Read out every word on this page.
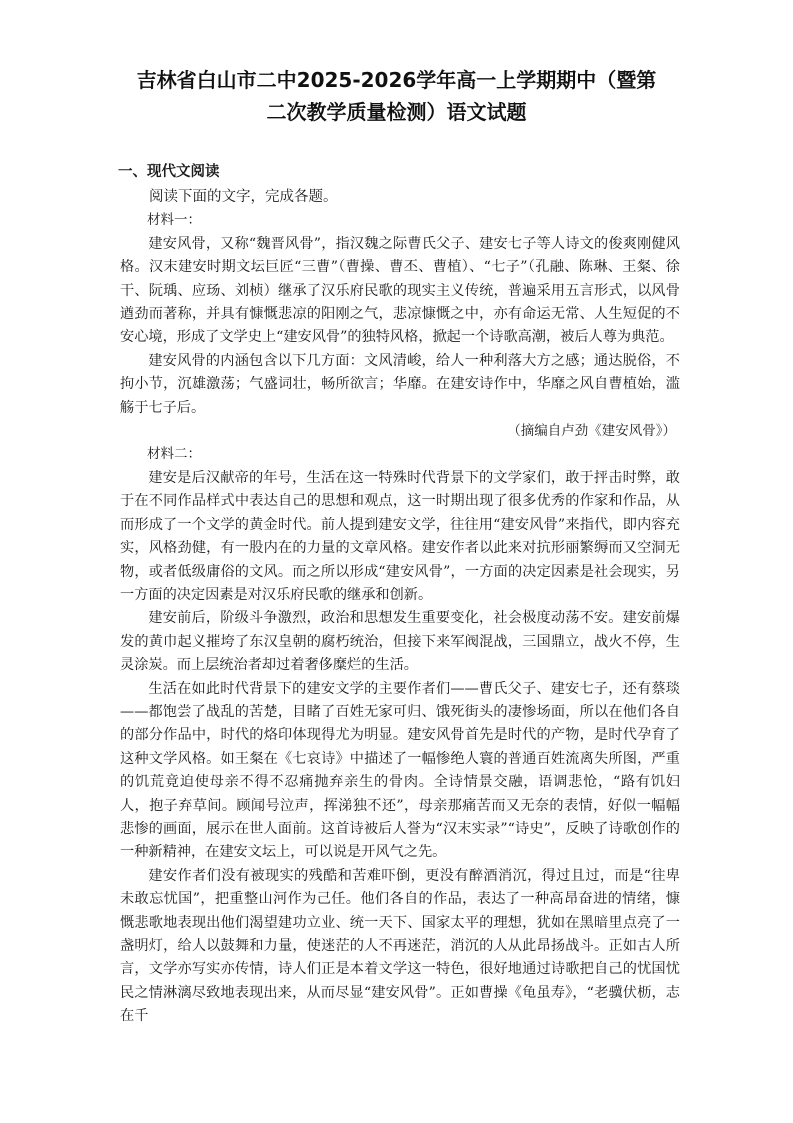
吉林省白山市二中2025-2026学年高一上学期期中（暨第
二次教学质量检测）语文试题
一、现代文阅读

阅读下面的文字，完成各题。

材料一：

建安风骨，又称“魏晋风骨”，指汉魏之际曹氏父子、建安七子等人诗文的俊爽刚健风格。汉末建安时期文坛巨匠“三曹”（曹操、曹丕、曹植）、“七子”（孔融、陈琳、王粲、徐干、阮瑀、应玚、刘桢）继承了汉乐府民歌的现实主义传统，普遍采用五言形式，以风骨遒劲而著称，并具有慷慨悲凉的阳刚之气，悲凉慷慨之中，亦有命运无常、人生短促的不安心境，形成了文学史上“建安风骨”的独特风格，掀起一个诗歌高潮，被后人尊为典范。

建安风骨的内涵包含以下几方面：文风清峻，给人一种利落大方之感；通达脱俗，不拘小节，沉雄激荡；气盛词壮，畅所欲言；华靡。在建安诗作中，华靡之风自曹植始，滥觞于七子后。

（摘编自卢劲《建安风骨》）

材料二：

建安是后汉献帝的年号，生活在这一特殊时代背景下的文学家们，敢于抨击时弊，敢于在不同作品样式中表达自己的思想和观点，这一时期出现了很多优秀的作家和作品，从而形成了一个文学的黄金时代。前人提到建安文学，往往用“建安风骨”来指代，即内容充实，风格劲健，有一股内在的力量的文章风格。建安作者以此来对抗形丽繁缛而又空洞无物，或者低级庸俗的文风。而之所以形成“建安风骨”，一方面的决定因素是社会现实，另一方面的决定因素是对汉乐府民歌的继承和创新。

建安前后，阶级斗争激烈，政治和思想发生重要变化，社会极度动荡不安。建安前爆发的黄巾起义摧垮了东汉皇朝的腐朽统治，但接下来军阀混战，三国鼎立，战火不停，生灵涂炭。而上层统治者却过着奢侈糜烂的生活。

生活在如此时代背景下的建安文学的主要作者们——曹氏父子、建安七子，还有蔡琰——都饱尝了战乱的苦楚，目睹了百姓无家可归、饿死街头的凄惨场面，所以在他们各自的部分作品中，时代的烙印体现得尤为明显。建安风骨首先是时代的产物，是时代孕育了这种文学风格。如王粲在《七哀诗》中描述了一幅惨绝人寰的普通百姓流离失所图，严重的饥荒竟迫使母亲不得不忍痛抛弃亲生的骨肉。全诗情景交融，语调悲怆，“路有饥妇人，抱子弃草间。顾闻号泣声，挥涕独不还”，母亲那痛苦而又无奈的表情，好似一幅幅悲惨的画面，展示在世人面前。这首诗被后人誉为“汉末实录”“诗史”，反映了诗歌创作的一种新精神，在建安文坛上，可以说是开风气之先。

建安作者们没有被现实的残酷和苦难吓倒，更没有醉酒消沉，得过且过，而是“往卑未敢忘忧国”，把重整山河作为己任。他们各自的作品，表达了一种高昂奋进的情绪，慷慨悲歌地表现出他们渴望建功立业、统一天下、国家太平的理想，犹如在黑暗里点亮了一盏明灯，给人以鼓舞和力量，使迷茫的人不再迷茫，消沉的人从此昂扬战斗。正如古人所言，文学亦写实亦传情，诗人们正是本着文学这一特色，很好地通过诗歌把自己的忧国忧民之情淋漓尽致地表现出来，从而尽显“建安风骨”。正如曹操《龟虽寿》，“老骥伏枥，志在千
